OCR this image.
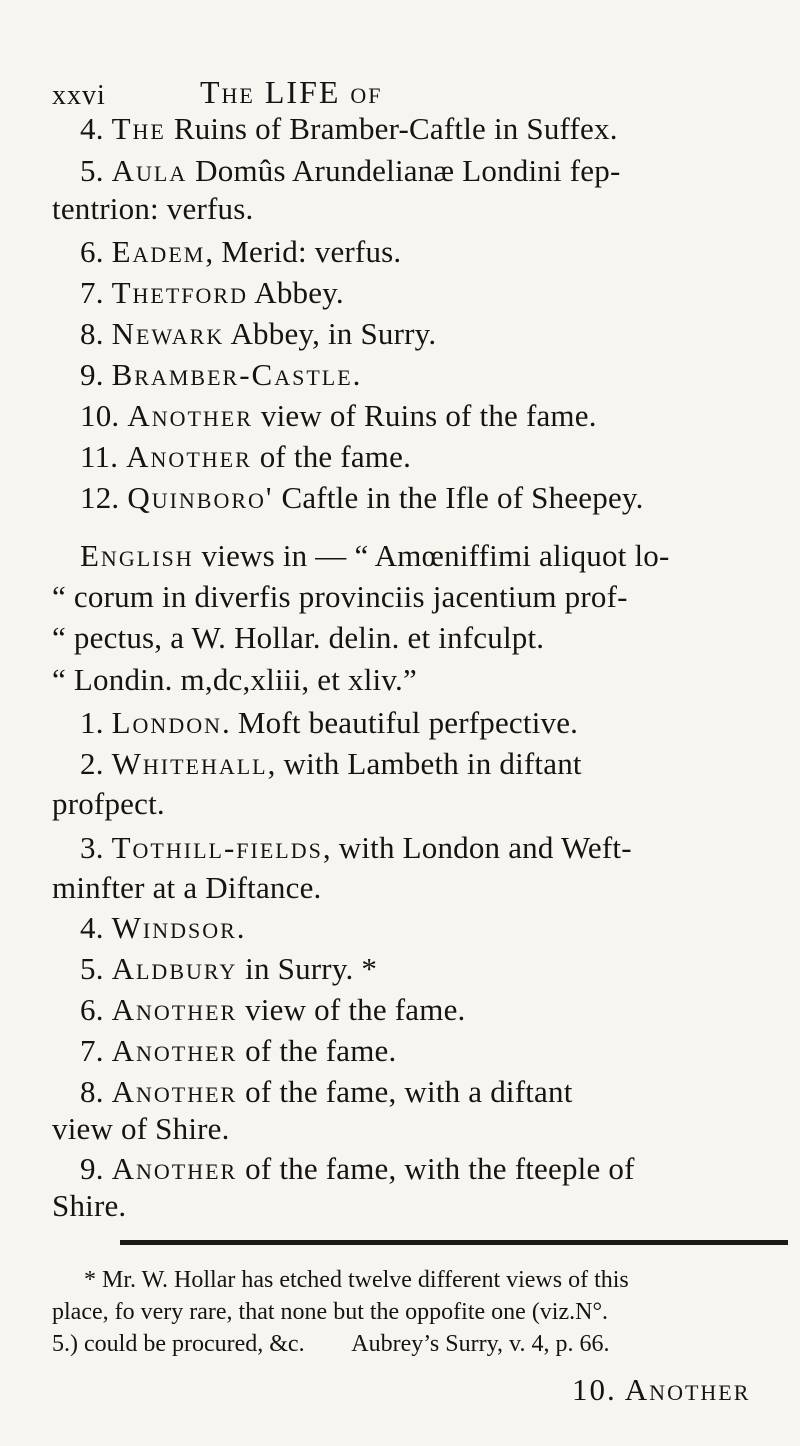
xxvi	The LIFE of
4. The Ruins of Bramber-Caftle in Suffex.
5. Aula Domûs Arundelianæ Londini fep-
tentrion: verfus.
6. Eadem, Merid: verfus.
7. Thetford Abbey.
8. Newark Abbey, in Surry.
9. Bramber-Castle.
10. Another view of Ruins of the fame.
11. Another of the fame.
12. Quinboro' Caftle in the Ifle of Sheepey.
English views in — “ Amœniffimi aliquot lo-
“ corum in diverfis provinciis jacentium prof-
“ pectus, a W. Hollar. delin. et infculpt.
“ Londin. m,dc,xliii, et xliv.”
1. London. Moft beautiful perfpective.
2. Whitehall, with Lambeth in diftant
profpect.
3. Tothill-fields, with London and Weft-
minfter at a Diftance.
4. Windsor.
5. Aldbury in Surry. *
6. Another view of the fame.
7. Another of the fame.
8. Another of the fame, with a diftant
view of Shire.
9. Another of the fame, with the fteeple of
Shire.
* Mr. W. Hollar has etched twelve different views of this
place, fo very rare, that none but the oppofite one (viz.N°.
5.) could be procured, &c.        Aubrey’s Surry, v. 4, p. 66.
10. Another
